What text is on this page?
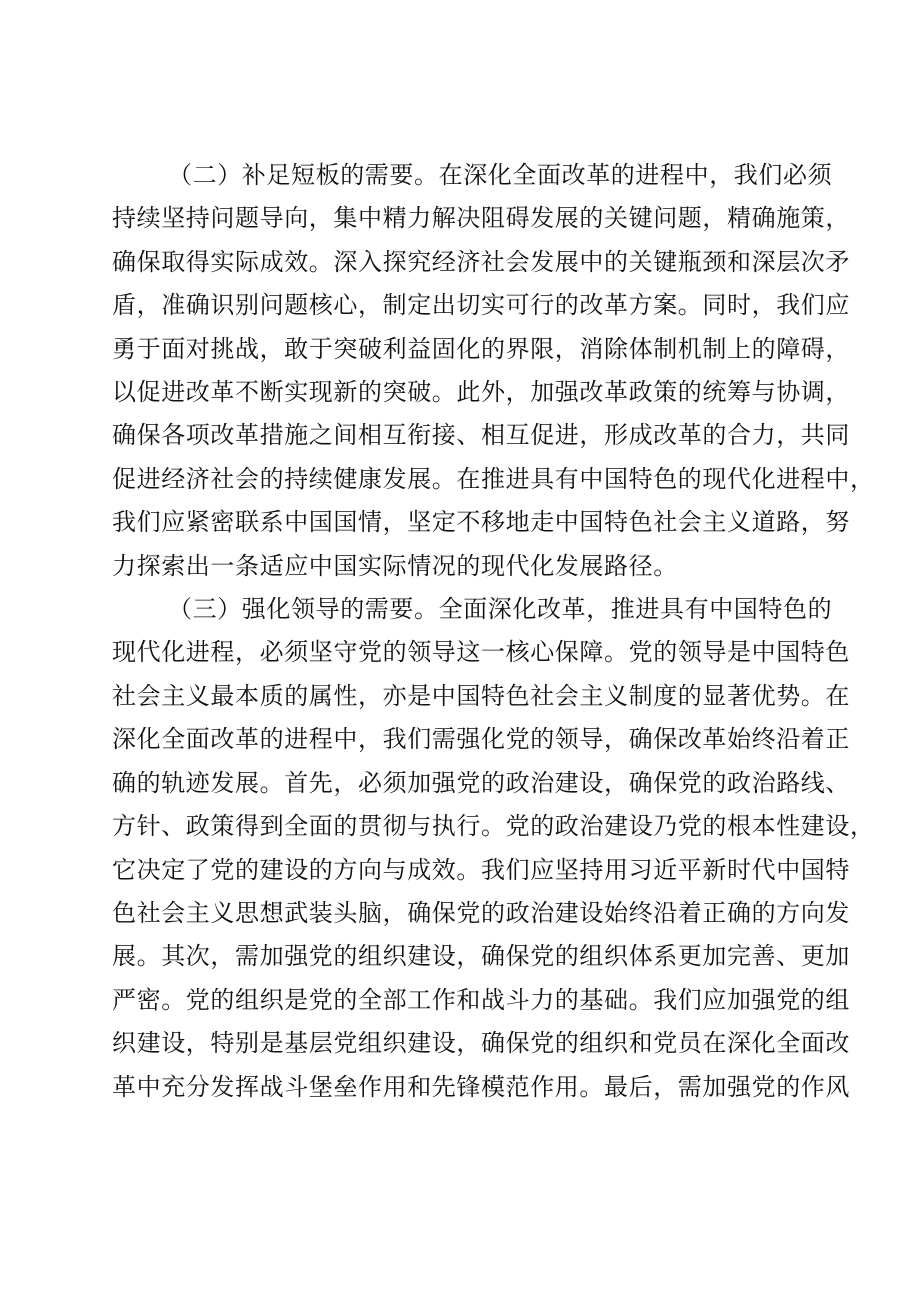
（二）补足短板的需要。在深化全面改革的进程中，我们必须
持续坚持问题导向，集中精力解决阻碍发展的关键问题，精确施策，
确保取得实际成效。深入探究经济社会发展中的关键瓶颈和深层次矛
盾，准确识别问题核心，制定出切实可行的改革方案。同时，我们应
勇于面对挑战，敢于突破利益固化的界限，消除体制机制上的障碍，
以促进改革不断实现新的突破。此外，加强改革政策的统筹与协调，
确保各项改革措施之间相互衔接、相互促进，形成改革的合力，共同
促进经济社会的持续健康发展。在推进具有中国特色的现代化进程中，
我们应紧密联系中国国情，坚定不移地走中国特色社会主义道路，努
力探索出一条适应中国实际情况的现代化发展路径。

（三）强化领导的需要。全面深化改革，推进具有中国特色的
现代化进程，必须坚守党的领导这一核心保障。党的领导是中国特色
社会主义最本质的属性，亦是中国特色社会主义制度的显著优势。在
深化全面改革的进程中，我们需强化党的领导，确保改革始终沿着正
确的轨迹发展。首先，必须加强党的政治建设，确保党的政治路线、
方针、政策得到全面的贯彻与执行。党的政治建设乃党的根本性建设，
它决定了党的建设的方向与成效。我们应坚持用习近平新时代中国特
色社会主义思想武装头脑，确保党的政治建设始终沿着正确的方向发
展。其次，需加强党的组织建设，确保党的组织体系更加完善、更加
严密。党的组织是党的全部工作和战斗力的基础。我们应加强党的组
织建设，特别是基层党组织建设，确保党的组织和党员在深化全面改
革中充分发挥战斗堡垒作用和先锋模范作用。最后，需加强党的作风
